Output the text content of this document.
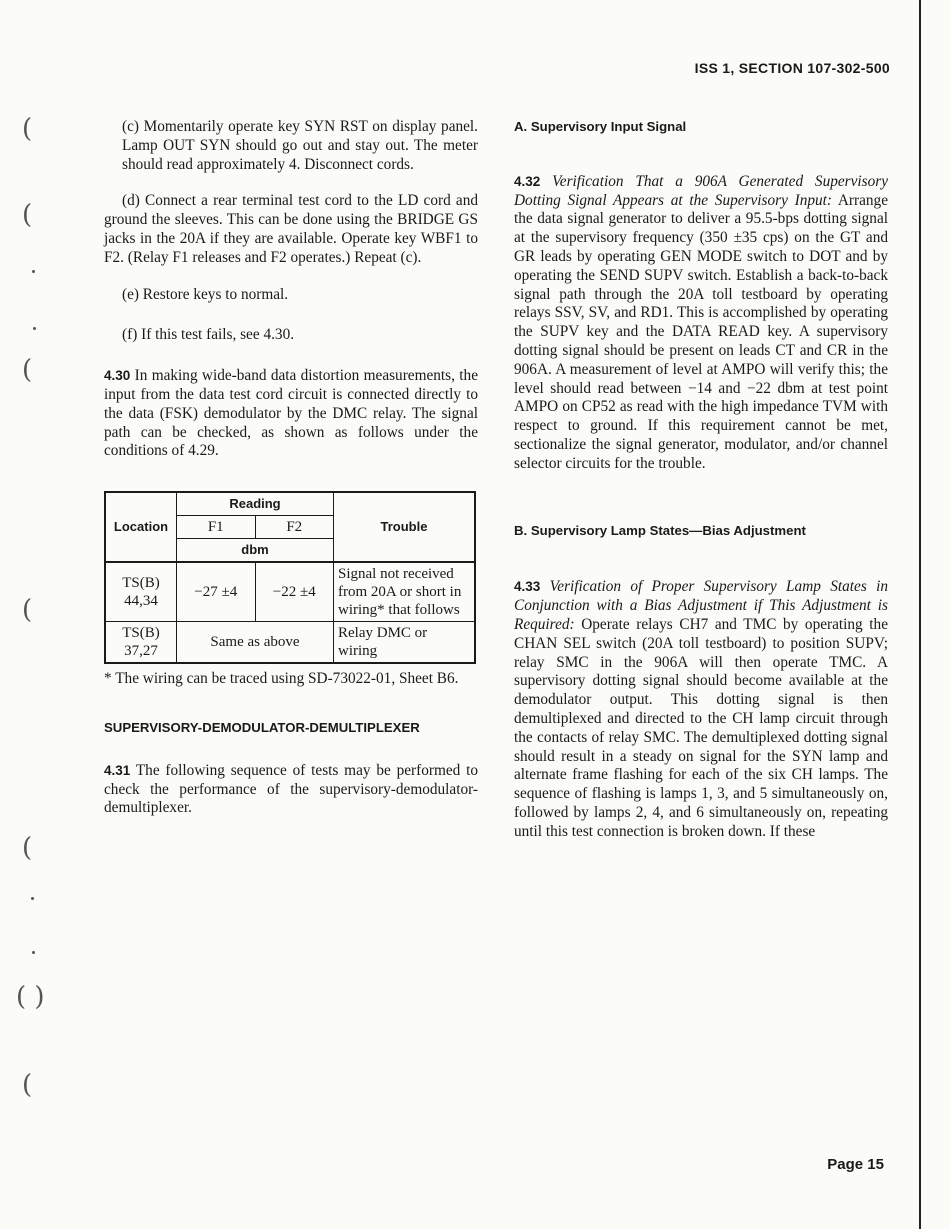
(
(
(
(
(
( )
(
ISS 1, SECTION 107-302-500

(c) Momentarily operate key SYN RST on display panel. Lamp OUT SYN should go out and stay out. The meter should read approximately 4. Disconnect cords.

(d) Connect a rear terminal test cord to the LD cord and ground the sleeves. This can be done using the BRIDGE GS jacks in the 20A if they are available. Operate key WBF1 to F2. (Relay F1 releases and F2 operates.) Repeat (c).

(e) Restore keys to normal.

(f) If this test fails, see 4.30.

4.30 In making wide-band data distortion measurements, the input from the data test cord circuit is connected directly to the data (FSK) demodulator by the DMC relay. The signal path can be checked, as shown as follows under the conditions of 4.29.

Location	Reading		Trouble
	F1	F2	
	dbm		
TS(B) 44,34	−27 ±4	−22 ±4	Signal not received from 20A or short in wiring* that follows
TS(B) 37,27	Same as above		Relay DMC or wiring

* The wiring can be traced using SD-73022-01, Sheet B6.

SUPERVISORY-DEMODULATOR-DEMULTIPLEXER

4.31 The following sequence of tests may be performed to check the performance of the supervisory-demodulator-demultiplexer.

A. Supervisory Input Signal

4.32 Verification That a 906A Generated Supervisory Dotting Signal Appears at the Supervisory Input: Arrange the data signal generator to deliver a 95.5-bps dotting signal at the supervisory frequency (350 ±35 cps) on the GT and GR leads by operating GEN MODE switch to DOT and by operating the SEND SUPV switch. Establish a back-to-back signal path through the 20A toll testboard by operating relays SSV, SV, and RD1. This is accomplished by operating the SUPV key and the DATA READ key. A supervisory dotting signal should be present on leads CT and CR in the 906A. A measurement of level at AMPO will verify this; the level should read between −14 and −22 dbm at test point AMPO on CP52 as read with the high impedance TVM with respect to ground. If this requirement cannot be met, sectionalize the signal generator, modulator, and/or channel selector circuits for the trouble.

B. Supervisory Lamp States—Bias Adjustment

4.33 Verification of Proper Supervisory Lamp States in Conjunction with a Bias Adjustment if This Adjustment is Required: Operate relays CH7 and TMC by operating the CHAN SEL switch (20A toll testboard) to position SUPV; relay SMC in the 906A will then operate TMC. A supervisory dotting signal should become available at the demodulator output. This dotting signal is then demultiplexed and directed to the CH lamp circuit through the contacts of relay SMC. The demultiplexed dotting signal should result in a steady on signal for the SYN lamp and alternate frame flashing for each of the six CH lamps. The sequence of flashing is lamps 1, 3, and 5 simultaneously on, followed by lamps 2, 4, and 6 simultaneously on, repeating until this test connection is broken down. If these

Page 15
